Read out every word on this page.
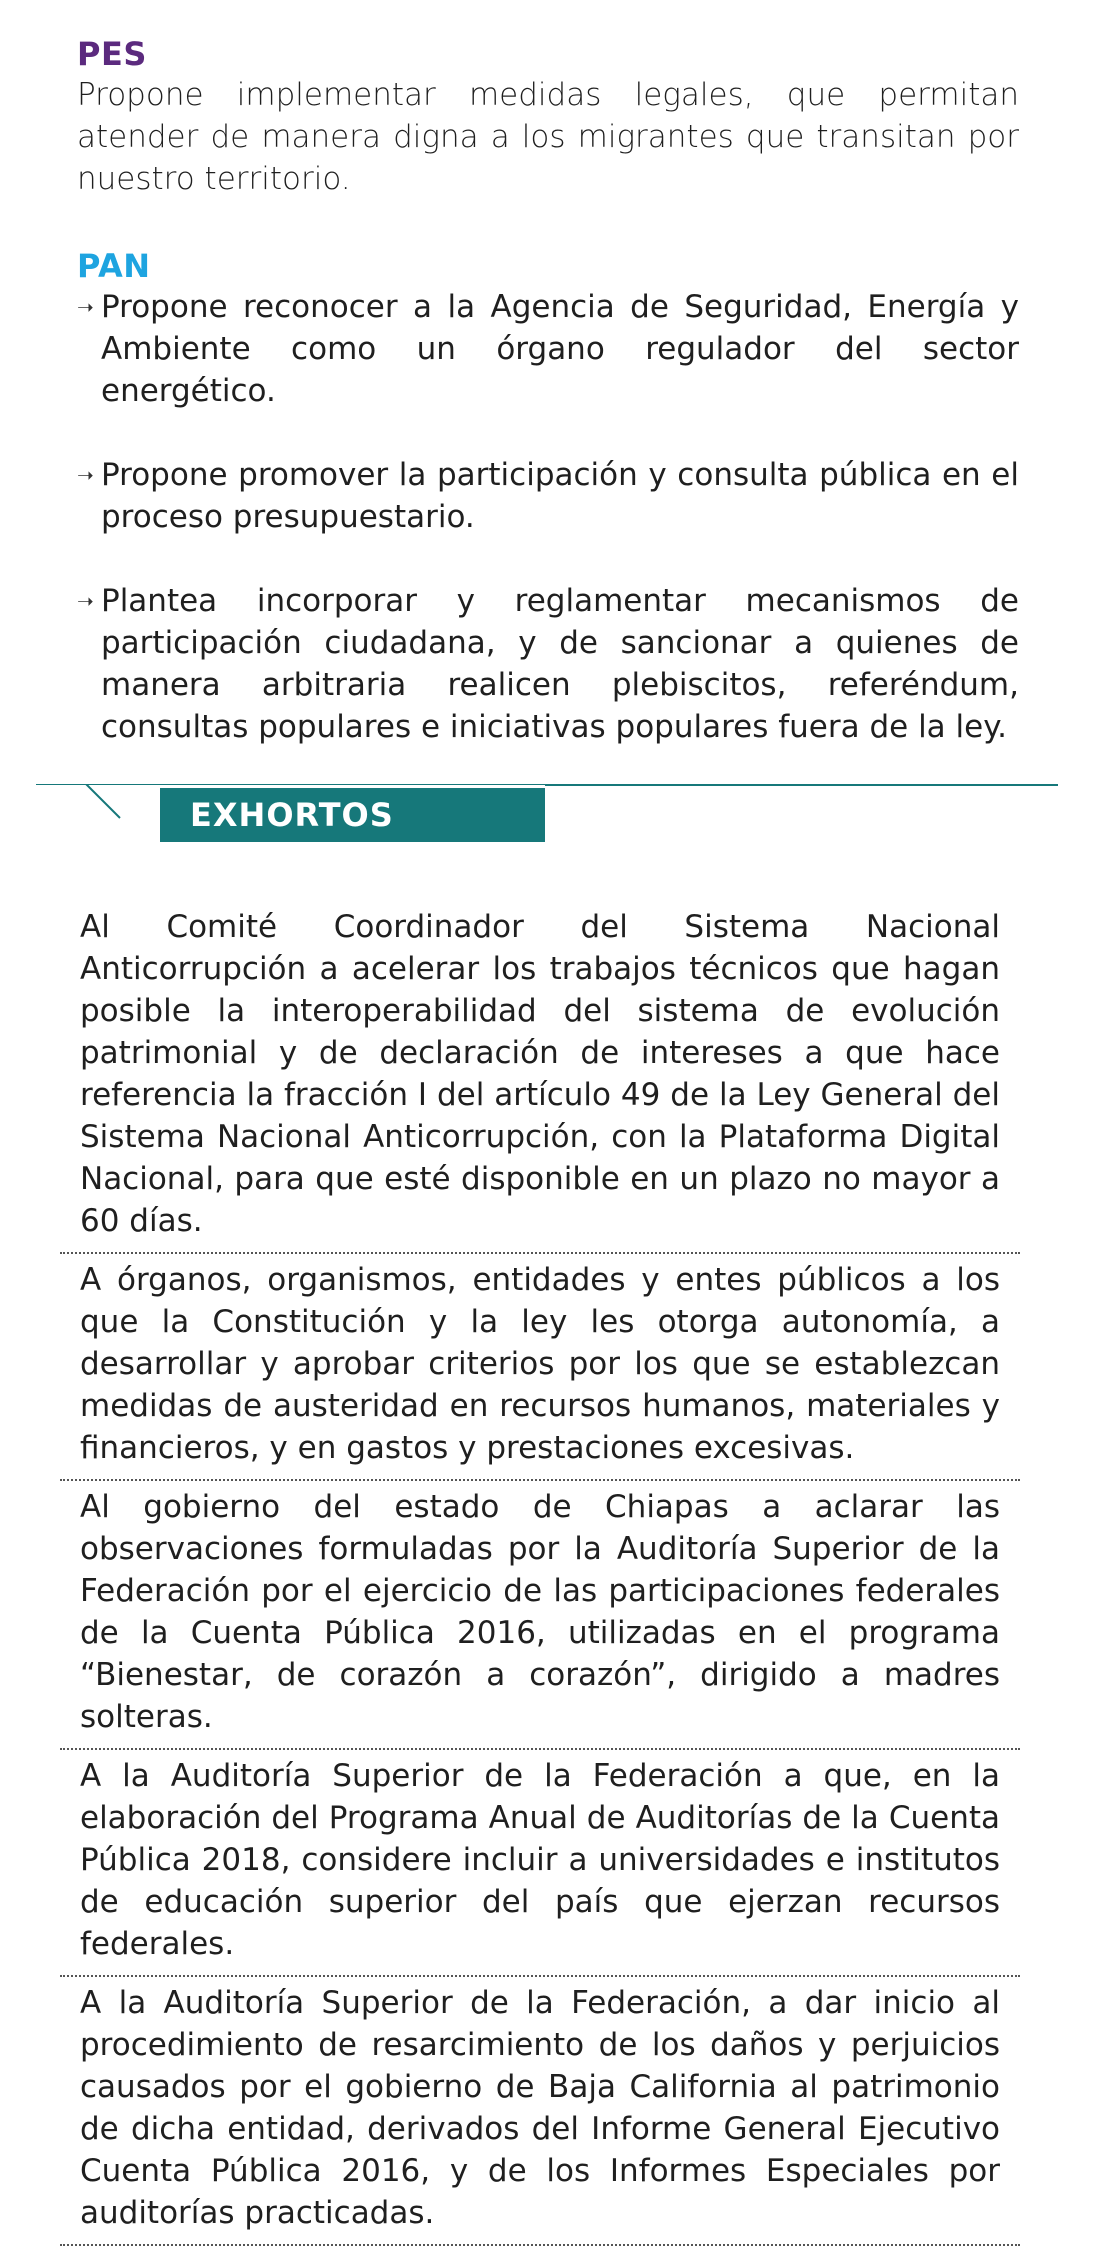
PES
Propone implementar medidas legales, que permitan atender de manera digna a los migrantes que transitan por nuestro territorio.
PAN
➝ Propone reconocer a la Agencia de Seguridad, Energía y Ambiente como un órgano regulador del sector energético.
➝ Propone promover la participación y consulta pública en el proceso presupuestario.
➝ Plantea incorporar y reglamentar mecanismos de participación ciudadana, y de sancionar a quienes de manera arbitraria realicen plebiscitos, referéndum, consultas populares e iniciativas populares fuera de la ley.
EXHORTOS
Al Comité Coordinador del Sistema Nacional Anticorrupción a acelerar los trabajos técnicos que hagan posible la interoperabilidad del sistema de evolución patrimonial y de declaración de intereses a que hace referencia la fracción I del artículo 49 de la Ley General del Sistema Nacional Anticorrupción, con la Plataforma Digital Nacional, para que esté disponible en un plazo no mayor a 60 días.
A órganos, organismos, entidades y entes públicos a los que la Constitución y la ley les otorga autonomía, a desarrollar y aprobar criterios por los que se establezcan medidas de austeridad en recursos humanos, materiales y financieros, y en gastos y prestaciones excesivas.
Al gobierno del estado de Chiapas a aclarar las observaciones formuladas por la Auditoría Superior de la Federación por el ejercicio de las participaciones federales de la Cuenta Pública 2016, utilizadas en el programa “Bienestar, de corazón a corazón”, dirigido a madres solteras.
A la Auditoría Superior de la Federación a que, en la elaboración del Programa Anual de Auditorías de la Cuenta Pública 2018, considere incluir a universidades e institutos de educación superior del país que ejerzan recursos federales.
A la Auditoría Superior de la Federación, a dar inicio al procedimiento de resarcimiento de los daños y perjuicios causados por el gobierno de Baja California al patrimonio de dicha entidad, derivados del Informe General Ejecutivo Cuenta Pública 2016, y de los Informes Especiales por auditorías practicadas.
